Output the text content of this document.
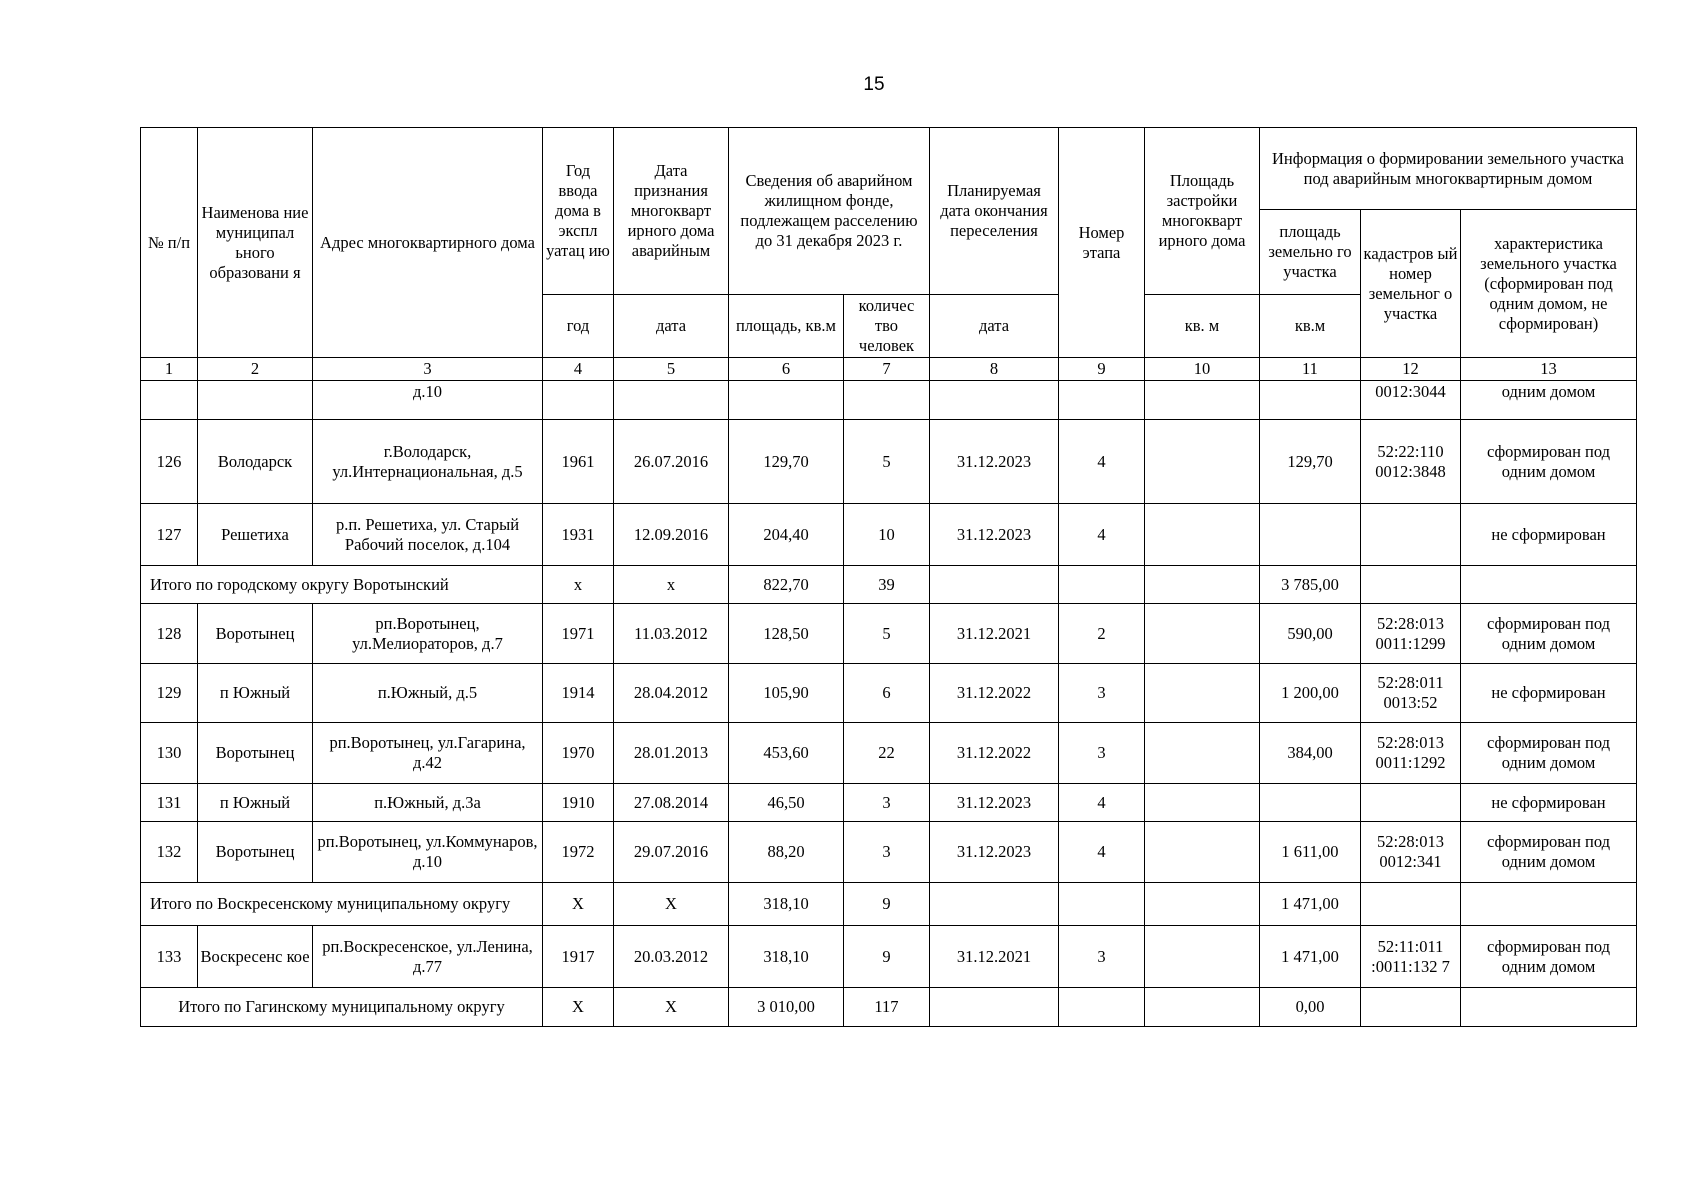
15
№ п/п	Наименова ние муниципал ьного образовани я	Адрес многоквартирного дома	Год ввода дома в экспл уатац ию	Дата признания многокварт ирного дома аварийным	Сведения об аварийном жилищном фонде, подлежащем расселению до 31 декабря 2023 г.		Планируемая дата окончания переселения	Номер этапа	Площадь застройки многокварт ирного дома	Информация о формировании земельного участка под аварийным многоквартирным домом		
										площадь земельно го участка	кадастров ый номер земельног о участка	характеристика земельного участка (сформирован под одним домом, не сформирован)
			год	дата	площадь, кв.м	количес тво человек	дата		кв. м	кв.м		
1	2	3	4	5	6	7	8	9	10	11	12	13
		д.10									0012:3044	одним домом
126	Володарск	г.Володарск, ул.Интернациональная, д.5	1961	26.07.2016	129,70	5	31.12.2023	4		129,70	52:22:110 0012:3848	сформирован под одним домом
127	Решетиха	р.п. Решетиха, ул. Старый Рабочий поселок, д.104	1931	12.09.2016	204,40	10	31.12.2023	4				не сформирован
Итого по городскому округу Воротынский			х	х	822,70	39				3 785,00		
128	Воротынец	рп.Воротынец, ул.Мелиораторов, д.7	1971	11.03.2012	128,50	5	31.12.2021	2		590,00	52:28:013 0011:1299	сформирован под одним домом
129	п Южный	п.Южный, д.5	1914	28.04.2012	105,90	6	31.12.2022	3		1 200,00	52:28:011 0013:52	не сформирован
130	Воротынец	рп.Воротынец, ул.Гагарина, д.42	1970	28.01.2013	453,60	22	31.12.2022	3		384,00	52:28:013 0011:1292	сформирован под одним домом
131	п Южный	п.Южный, д.3а	1910	27.08.2014	46,50	3	31.12.2023	4				не сформирован
132	Воротынец	рп.Воротынец, ул.Коммунаров, д.10	1972	29.07.2016	88,20	3	31.12.2023	4		1 611,00	52:28:013 0012:341	сформирован под одним домом
Итого по Воскресенскому муниципальному округу			Х	Х	318,10	9				1 471,00		
133	Воскресенс кое	рп.Воскресенское, ул.Ленина, д.77	1917	20.03.2012	318,10	9	31.12.2021	3		1 471,00	52:11:011 :0011:132 7	сформирован под одним домом
Итого по Гагинскому муниципальному округу			Х	Х	3 010,00	117				0,00		
